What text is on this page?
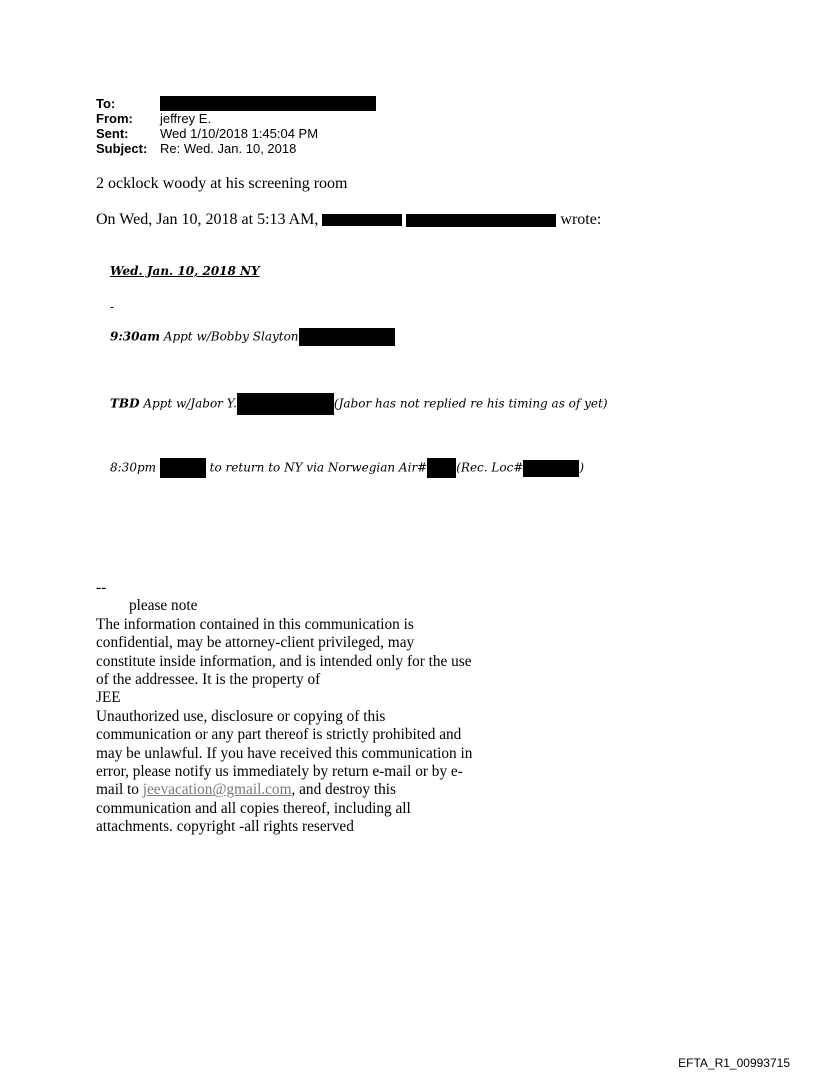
To:
From:	jeffrey E.
Sent:	Wed 1/10/2018 1:45:04 PM
Subject: Re: Wed. Jan. 10, 2018
2 ocklock woody at his screening room
On Wed, Jan 10, 2018 at 5:13 AM,	wrote:
Wed. Jan. 10, 2018 NY
-
9:30am Appt w/Bobby Slayton
TBD Appt w/Jabor Y.	(Jabor has not replied re his timing as of yet)
8:30pm	to return to NY via Norwegian Air# (Rec. Loc#	)
--
please note
The information contained in this communication is confidential, may be attorney-client privileged, may constitute inside information, and is intended only for the use of the addressee. It is the property of
JEE
Unauthorized use, disclosure or copying of this communication or any part thereof is strictly prohibited and may be unlawful. If you have received this communication in error, please notify us immediately by return e-mail or by e-mail to jeevacation@gmail.com, and destroy this communication and all copies thereof, including all attachments. copyright -all rights reserved
EFTA_R1_00993715
